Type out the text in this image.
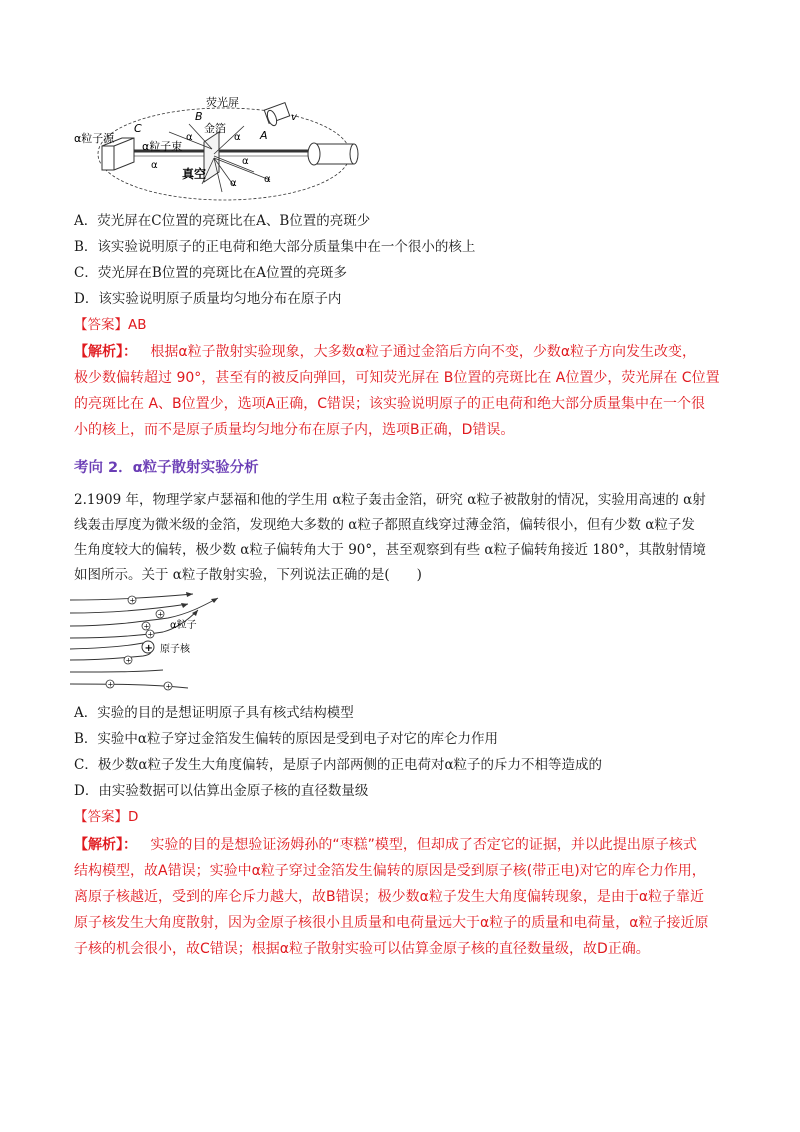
荧光屏
B
C
A
金箔
α粒子源
α粒子束
真空
v
α	α
α	α
α
α
A．荧光屏在C位置的亮斑比在A、B位置的亮斑少
B．该实验说明原子的正电荷和绝大部分质量集中在一个很小的核上
C．荧光屏在B位置的亮斑比在A位置的亮斑多
D．该实验说明原子质量均匀地分布在原子内
【答案】AB
【解析】： 根据α粒子散射实验现象，大多数α粒子通过金箔后方向不变，少数α粒子方向发生改变，
极少数偏转超过 90°，甚至有的被反向弹回，可知荧光屏在 B位置的亮斑比在 A位置少，荧光屏在 C位置
的亮斑比在 A、B位置少，选项A正确，C错误；该实验说明原子的正电荷和绝大部分质量集中在一个很
小的核上，而不是原子质量均匀地分布在原子内，选项B正确，D错误。
考向 2．α粒子散射实验分析
2.1909 年，物理学家卢瑟福和他的学生用 α粒子轰击金箔，研究 α粒子被散射的情况，实验用高速的 α射
线轰击厚度为微米级的金箔，发现绝大多数的 α粒子都照直线穿过薄金箔，偏转很小，但有少数 α粒子发
生角度较大的偏转，极少数 α粒子偏转角大于 90°，甚至观察到有些 α粒子偏转角接近 180°，其散射情境
如图所示。关于 α粒子散射实验，下列说法正确的是(　　)
+
+
+
+
+
+	+
+ α粒子
原子核
A．实验的目的是想证明原子具有核式结构模型
B．实验中α粒子穿过金箔发生偏转的原因是受到电子对它的库仑力作用
C．极少数α粒子发生大角度偏转，是原子内部两侧的正电荷对α粒子的斥力不相等造成的
D．由实验数据可以估算出金原子核的直径数量级
【答案】D
【解析】： 实验的目的是想验证汤姆孙的“枣糕”模型，但却成了否定它的证据，并以此提出原子核式
结构模型，故A错误；实验中α粒子穿过金箔发生偏转的原因是受到原子核(带正电)对它的库仑力作用，
离原子核越近，受到的库仑斥力越大，故B错误；极少数α粒子发生大角度偏转现象，是由于α粒子靠近
原子核发生大角度散射，因为金原子核很小且质量和电荷量远大于α粒子的质量和电荷量，α粒子接近原
子核的机会很小，故C错误；根据α粒子散射实验可以估算金原子核的直径数量级，故D正确。
